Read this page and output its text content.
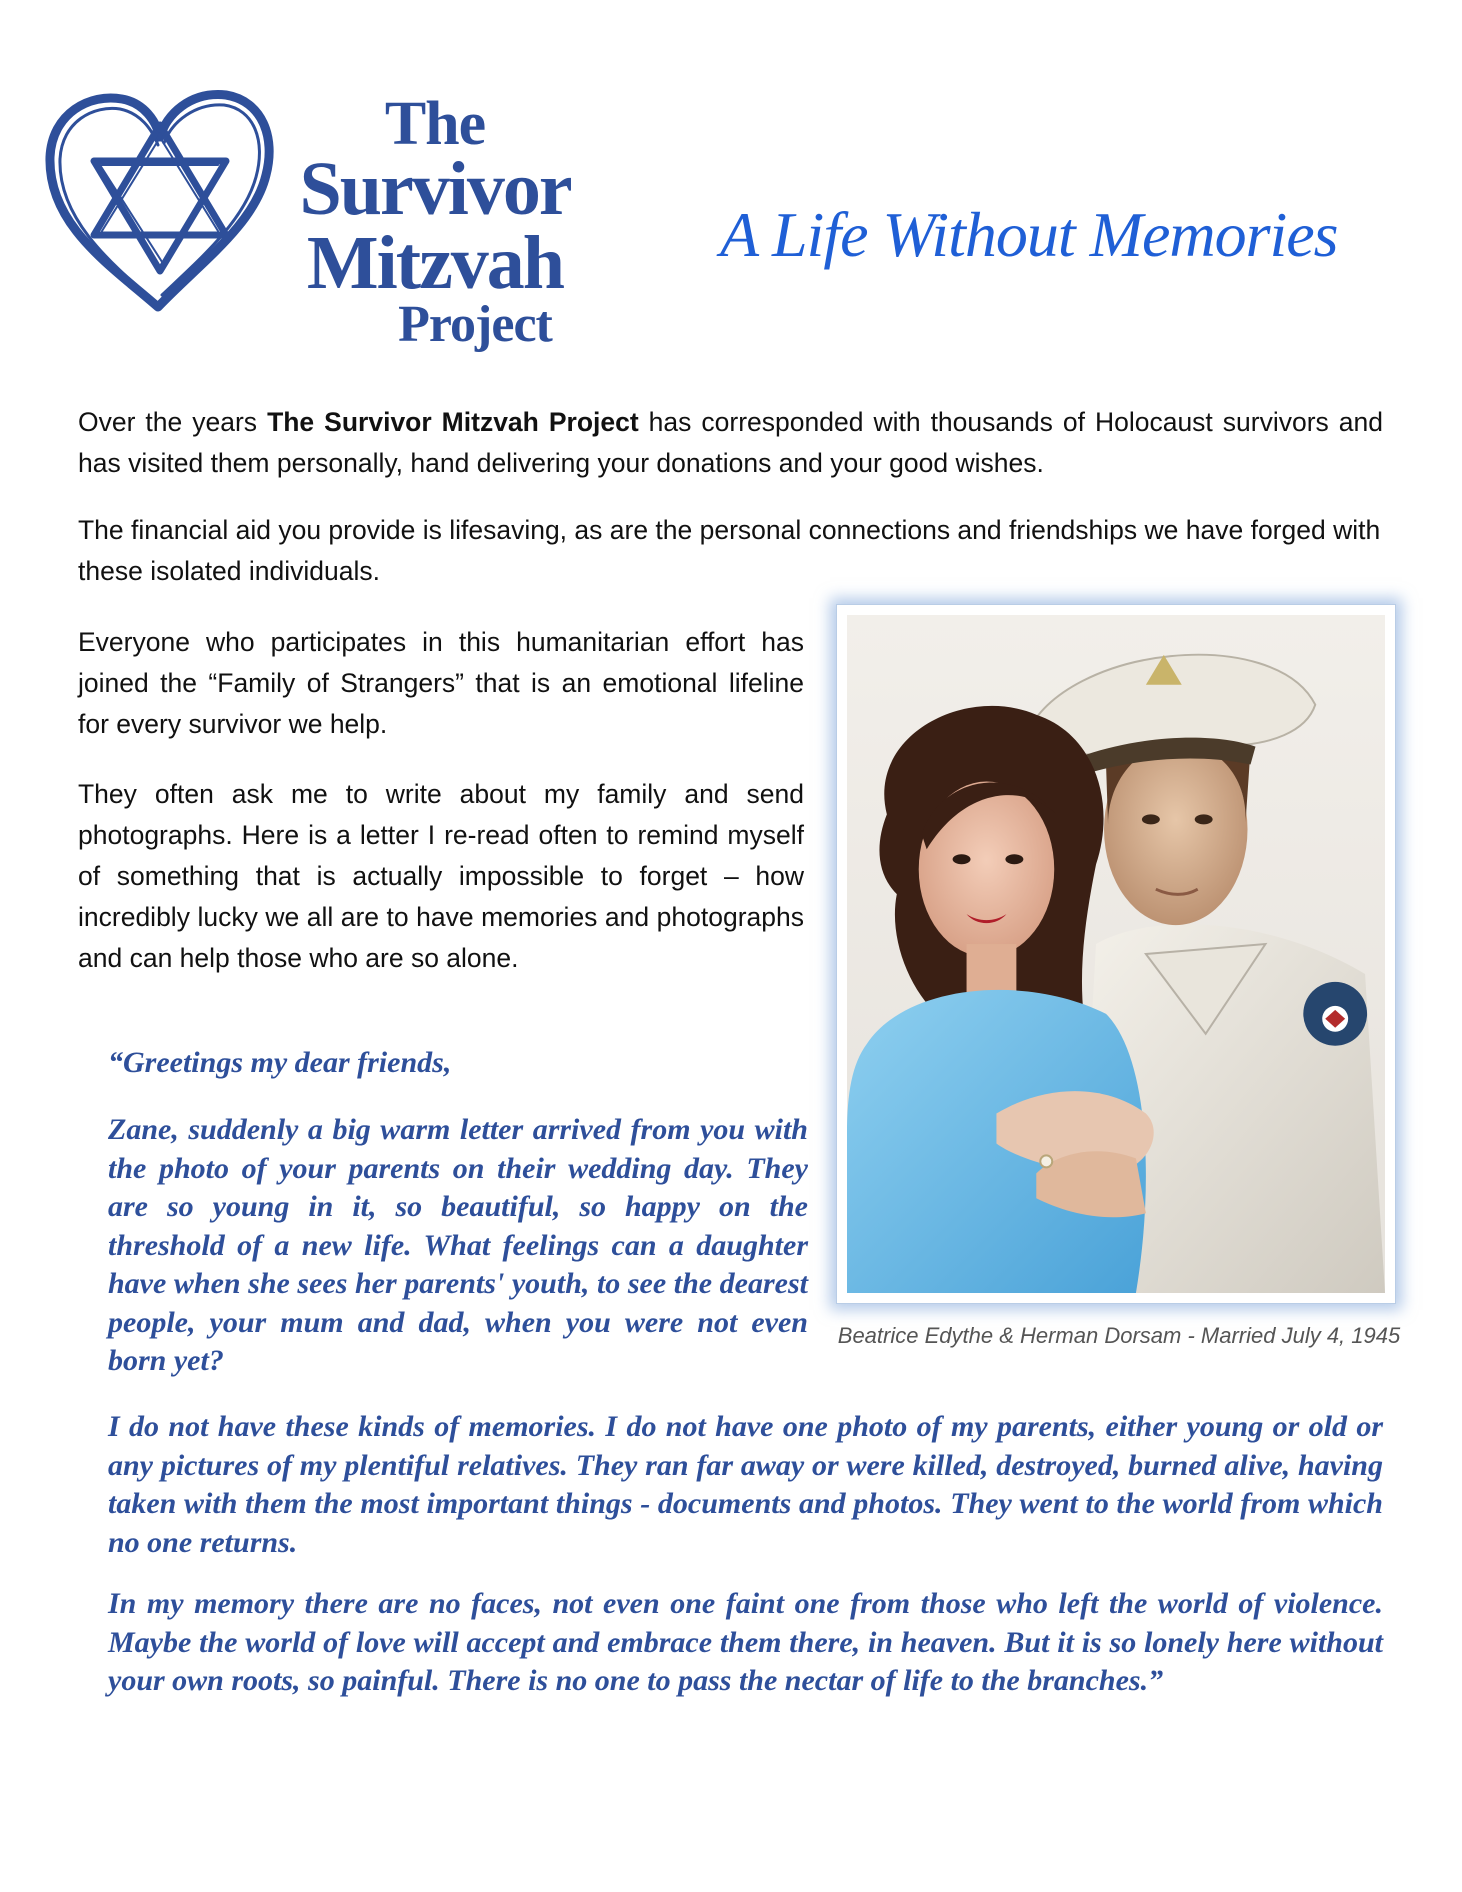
The
Survivor
Mitzvah
Project
A Life Without Memories
Over the years The Survivor Mitzvah Project has corresponded with thousands of Holocaust survivors and has visited them personally, hand delivering your donations and your good wishes.
The financial aid you provide is lifesaving, as are the personal connections and friendships we have forged with these isolated individuals.
Everyone who participates in this humanitarian effort has joined the “Family of Strangers” that is an emotional lifeline for every survivor we help.
They often ask me to write about my family and send photographs. Here is a letter I re-read often to remind myself of something that is actually impossible to forget – how incredibly lucky we all are to have memories and photographs and can help those who are so alone.
“Greetings my dear friends,
Zane, suddenly a big warm letter arrived from you with the photo of your parents on their wedding day. They are so young in it, so beautiful, so happy on the threshold of a new life. What feelings can a daughter have when she sees her parents' youth, to see the dearest people, your mum and dad, when you were not even born yet?
I do not have these kinds of memories. I do not have one photo of my parents, either young or old or any pictures of my plentiful relatives. They ran far away or were killed, destroyed, burned alive, having taken with them the most important things - documents and photos. They went to the world from which no one returns.
In my memory there are no faces, not even one faint one from those who left the world of violence. Maybe the world of love will accept and embrace them there, in heaven. But it is so lonely here without your own roots, so painful. There is no one to pass the nectar of life to the branches.”
Beatrice Edythe & Herman Dorsam - Married July 4, 1945
